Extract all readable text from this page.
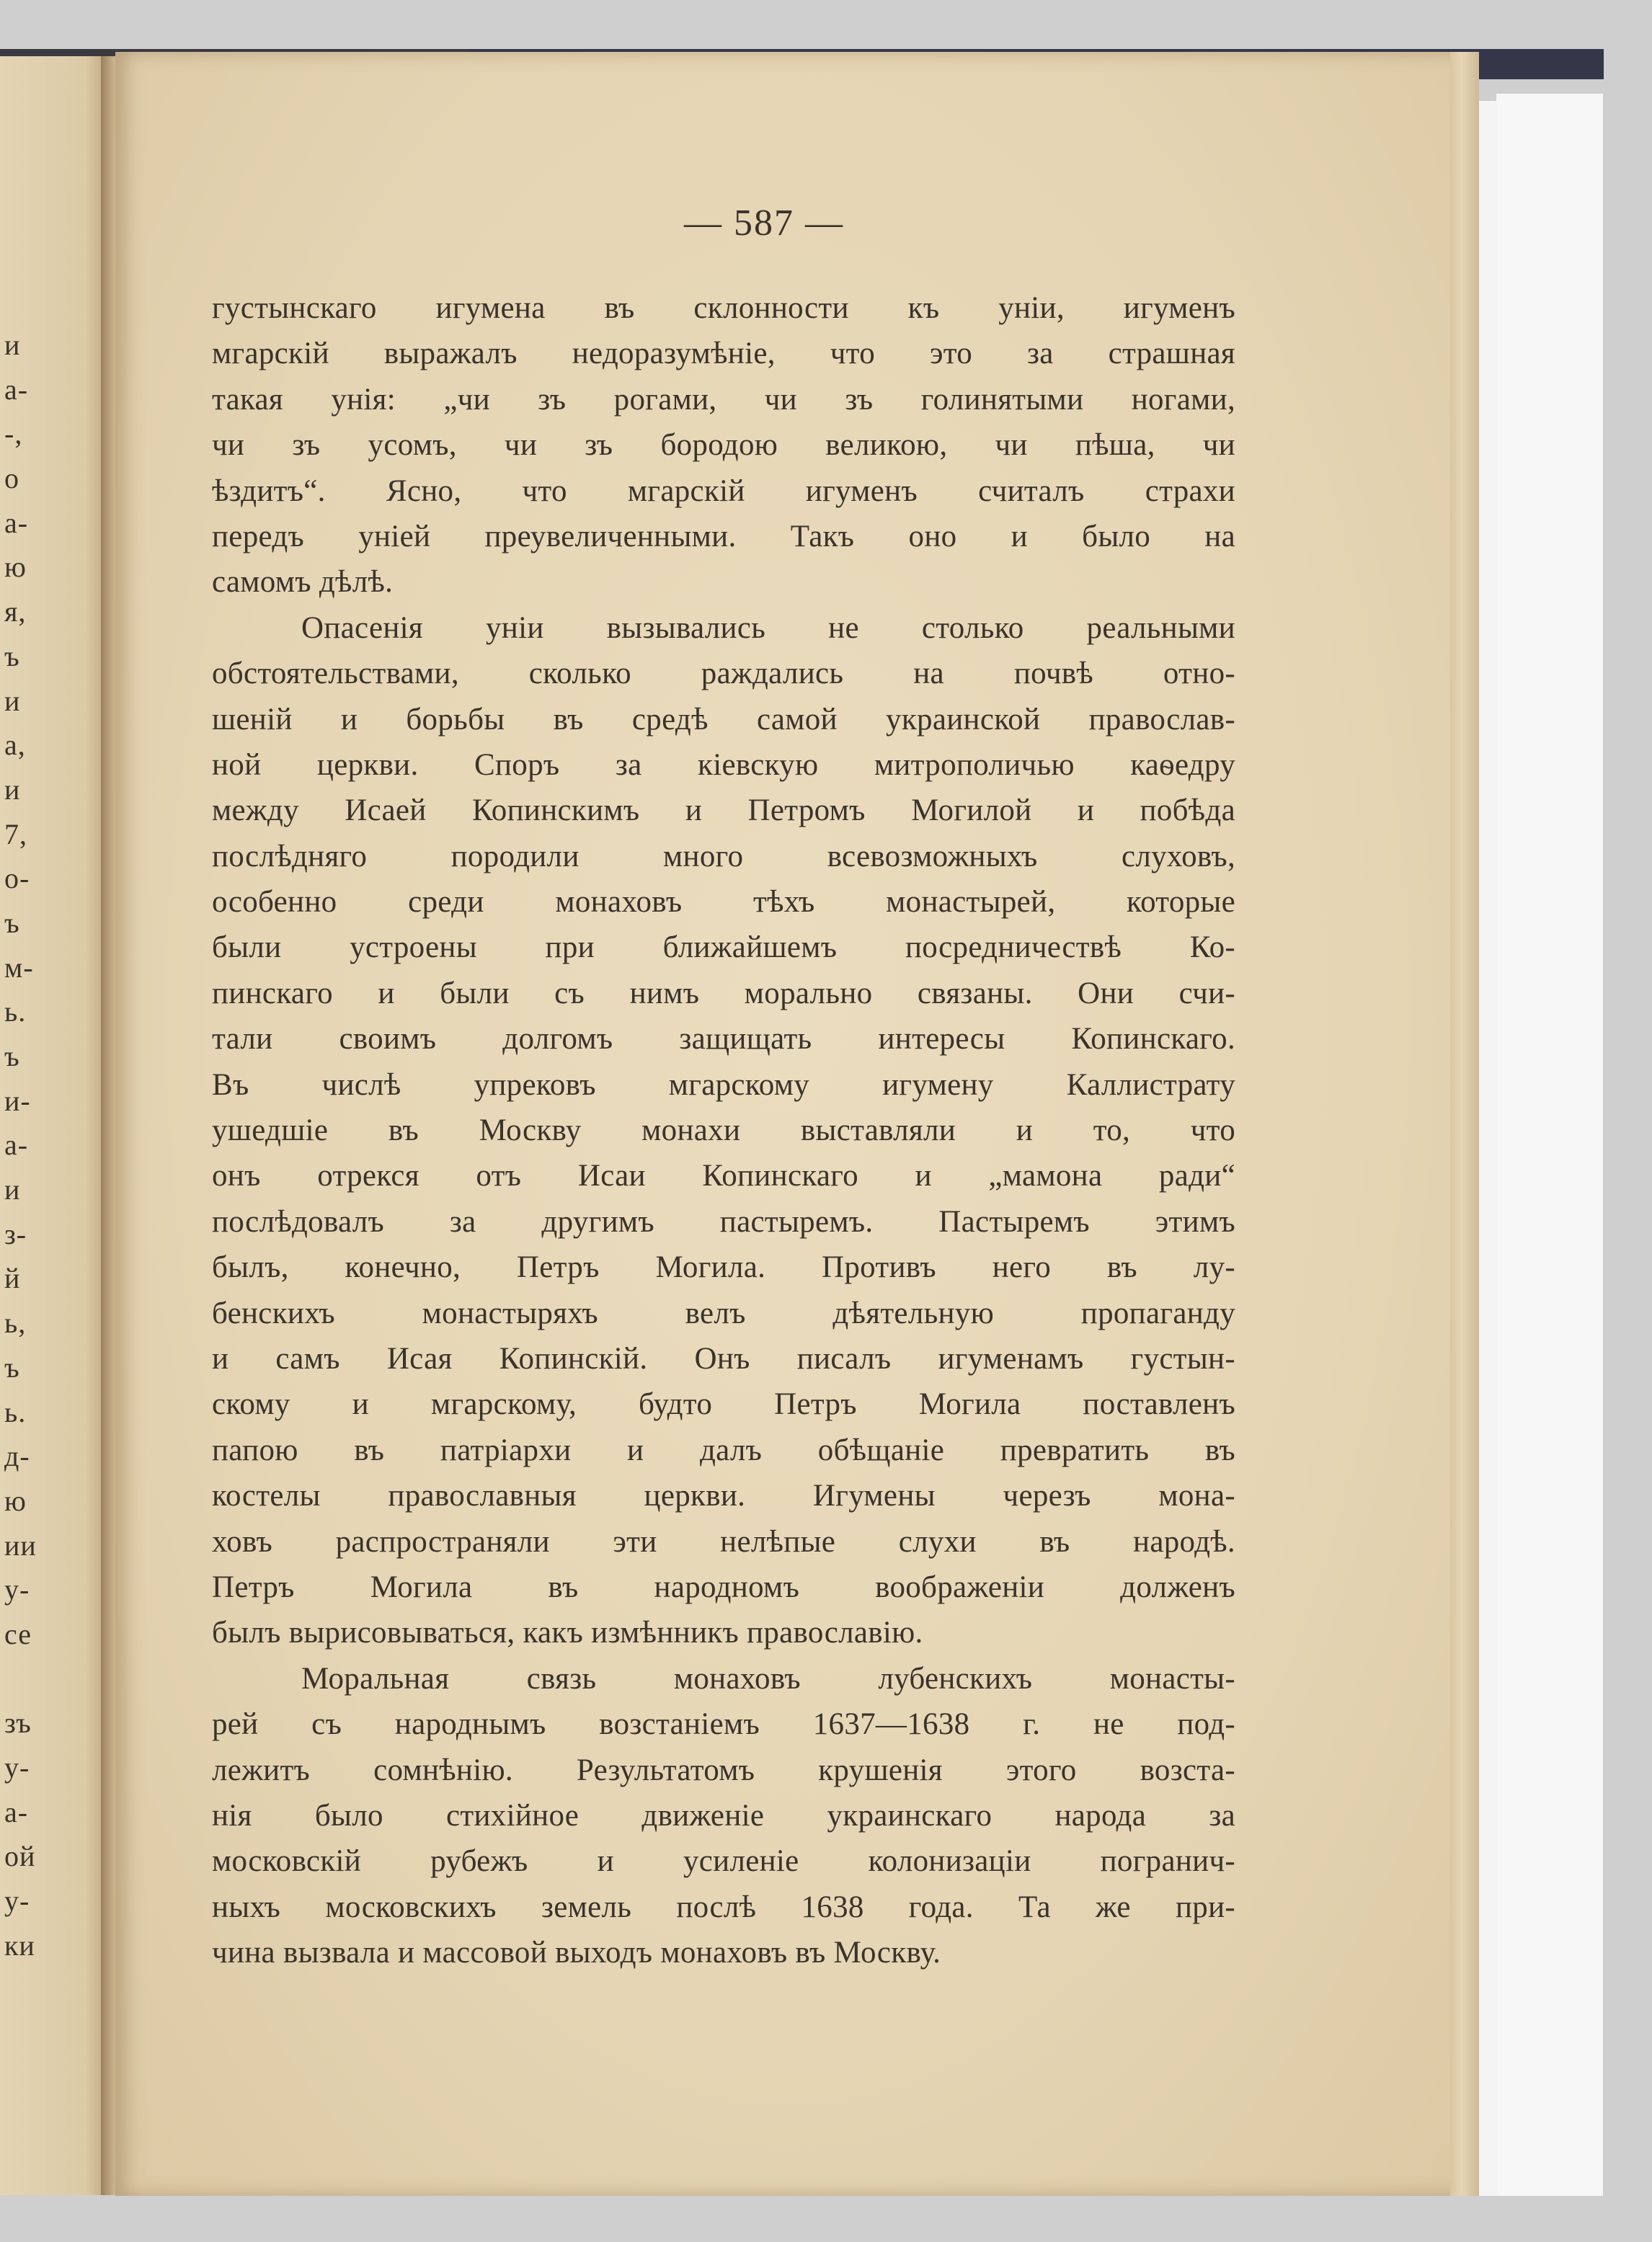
и
а-
-,
о
а-
ю
я,
ъ
и
а,
и
7,
о-
ъ
м-
ь.
ъ
и-
а-
и
з-
й
ь,
ъ
ь.
д-
ю
ии
у-
се
зъ
у-
а-
ой
у-
ки
— 587 —
густынскаго игумена въ склонности къ уніи, игуменъ
мгарскій выражалъ недоразумѣніе, что это за страшная
такая унія: „чи зъ рогами, чи зъ голинятыми ногами,
чи зъ усомъ, чи зъ бородою великою, чи пѣша, чи
ѣздитъ“. Ясно, что мгарскій игуменъ считалъ страхи
передъ уніей преувеличенными. Такъ оно и было на
самомъ дѣлѣ.
Опасенія уніи вызывались не столько реальными
обстоятельствами, сколько раждались на почвѣ отно-
шеній и борьбы въ средѣ самой украинской православ-
ной церкви. Споръ за кіевскую митрополичью каѳедру
между Исаей Копинскимъ и Петромъ Могилой и побѣда
послѣдняго породили много всевозможныхъ слуховъ,
особенно среди монаховъ тѣхъ монастырей, которые
были устроены при ближайшемъ посредничествѣ Ко-
пинскаго и были съ нимъ морально связаны. Они счи-
тали своимъ долгомъ защищать интересы Копинскаго.
Въ числѣ упрековъ мгарскому игумену Каллистрату
ушедшіе въ Москву монахи выставляли и то, что
онъ отрекся отъ Исаи Копинскаго и „мамона ради“
послѣдовалъ за другимъ пастыремъ. Пастыремъ этимъ
былъ, конечно, Петръ Могила. Противъ него въ лу-
бенскихъ монастыряхъ велъ дѣятельную пропаганду
и самъ Исая Копинскій. Онъ писалъ игуменамъ густын-
скому и мгарскому, будто Петръ Могила поставленъ
папою въ патріархи и далъ обѣщаніе превратить въ
костелы православныя церкви. Игумены черезъ мона-
ховъ распространяли эти нелѣпые слухи въ народѣ.
Петръ Могила въ народномъ воображеніи долженъ
былъ вырисовываться, какъ измѣнникъ православію.
Моральная связь монаховъ лубенскихъ монасты-
рей съ народнымъ возстаніемъ 1637—1638 г. не под-
лежитъ сомнѣнію. Результатомъ крушенія этого возста-
нія было стихійное движеніе украинскаго народа за
московскій рубежъ и усиленіе колонизаціи погранич-
ныхъ московскихъ земель послѣ 1638 года. Та же при-
чина вызвала и массовой выходъ монаховъ въ Москву.
